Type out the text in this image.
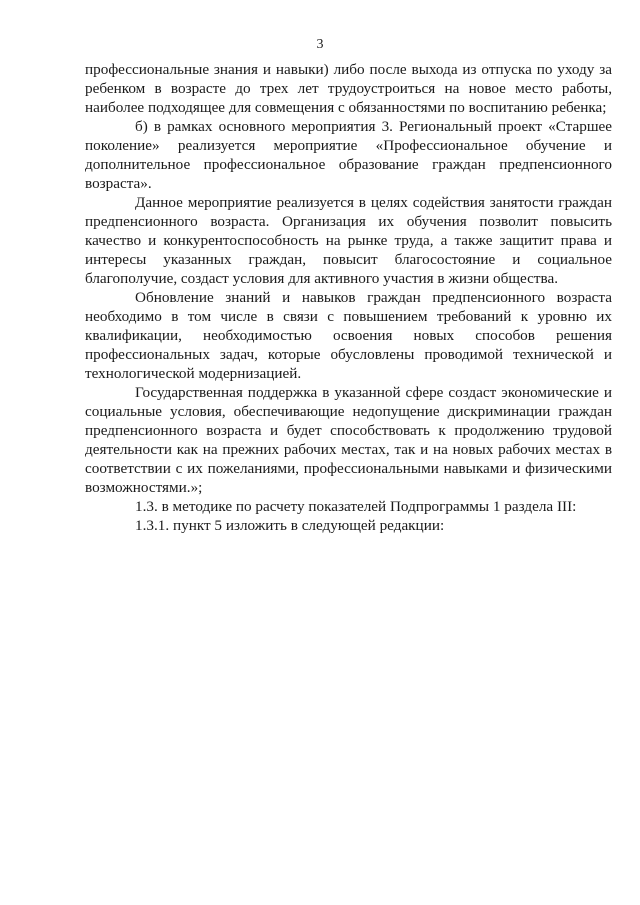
3

профессиональные знания и навыки) либо после выхода из отпуска по уходу за ребенком в возрасте до трех лет трудоустроиться на новое место работы, наиболее подходящее для совмещения с обязанностями по воспитанию ребенка;

б) в рамках основного мероприятия 3. Региональный проект «Старшее поколение» реализуется мероприятие «Профессиональное обучение и дополнительное профессиональное образование граждан предпенсионного возраста».

Данное мероприятие реализуется в целях содействия занятости граждан предпенсионного возраста. Организация их обучения позволит повысить качество и конкурентоспособность на рынке труда, а также защитит права и интересы указанных граждан, повысит благосостояние и социальное благополучие, создаст условия для активного участия в жизни общества.

Обновление знаний и навыков граждан предпенсионного возраста необходимо в том числе в связи с повышением требований к уровню их квалификации, необходимостью освоения новых способов решения профессиональных задач, которые обусловлены проводимой технической и технологической модернизацией.

Государственная поддержка в указанной сфере создаст экономические и социальные условия, обеспечивающие недопущение дискриминации граждан предпенсионного возраста и будет способствовать к продолжению трудовой деятельности как на прежних рабочих местах, так и на новых рабочих местах в соответствии с их пожеланиями, профессиональными навыками и физическими возможностями.»;

1.3. в методике по расчету показателей Подпрограммы 1 раздела III:

1.3.1. пункт 5 изложить в следующей редакции:
